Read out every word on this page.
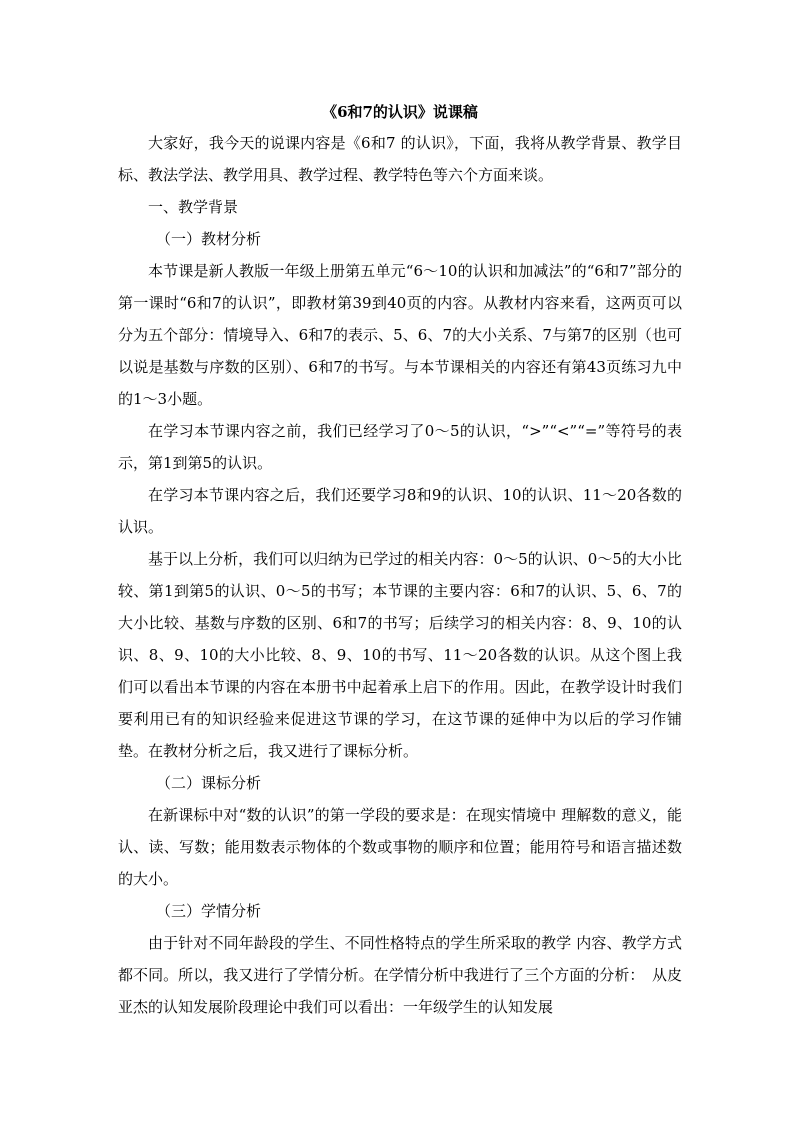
《6和7的认识》说课稿

大家好，我今天的说课内容是《6和7 的认识》，下面，我将从教学背景、教学目标、教法学法、教学用具、教学过程、教学特色等六个方面来谈。

一、教学背景

（一）教材分析

本节课是新人教版一年级上册第五单元“6～10的认识和加减法”的“6和7”部分的第一课时“6和7的认识”，即教材第39到40页的内容。从教材内容来看，这两页可以分为五个部分：情境导入、6和7的表示、5、6、7的大小关系、7与第7的区别（也可以说是基数与序数的区别）、6和7的书写。与本节课相关的内容还有第43页练习九中的1～3小题。

在学习本节课内容之前，我们已经学习了0～5的认识，“>”“<”“=”等符号的表示，第1到第5的认识。

在学习本节课内容之后，我们还要学习8和9的认识、10的认识、11～20各数的认识。

基于以上分析，我们可以归纳为已学过的相关内容：0～5的认识、0～5的大小比较、第1到第5的认识、0～5的书写；本节课的主要内容：6和7的认识、5、6、7的大小比较、基数与序数的区别、6和7的书写；后续学习的相关内容：8、9、10的认识、8、9、10的大小比较、8、9、10的书写、11～20各数的认识。从这个图上我们可以看出本节课的内容在本册书中起着承上启下的作用。因此，在教学设计时我们要利用已有的知识经验来促进这节课的学习，在这节课的延伸中为以后的学习作铺垫。在教材分析之后，我又进行了课标分析。

（二）课标分析

在新课标中对“数的认识”的第一学段的要求是：在现实情境中 理解数的意义，能认、读、写数；能用数表示物体的个数或事物的顺序和位置；能用符号和语言描述数的大小。

（三）学情分析

由于针对不同年龄段的学生、不同性格特点的学生所采取的教学 内容、教学方式都不同。所以，我又进行了学情分析。在学情分析中我进行了三个方面的分析：　从皮亚杰的认知发展阶段理论中我们可以看出：一年级学生的认知发展
